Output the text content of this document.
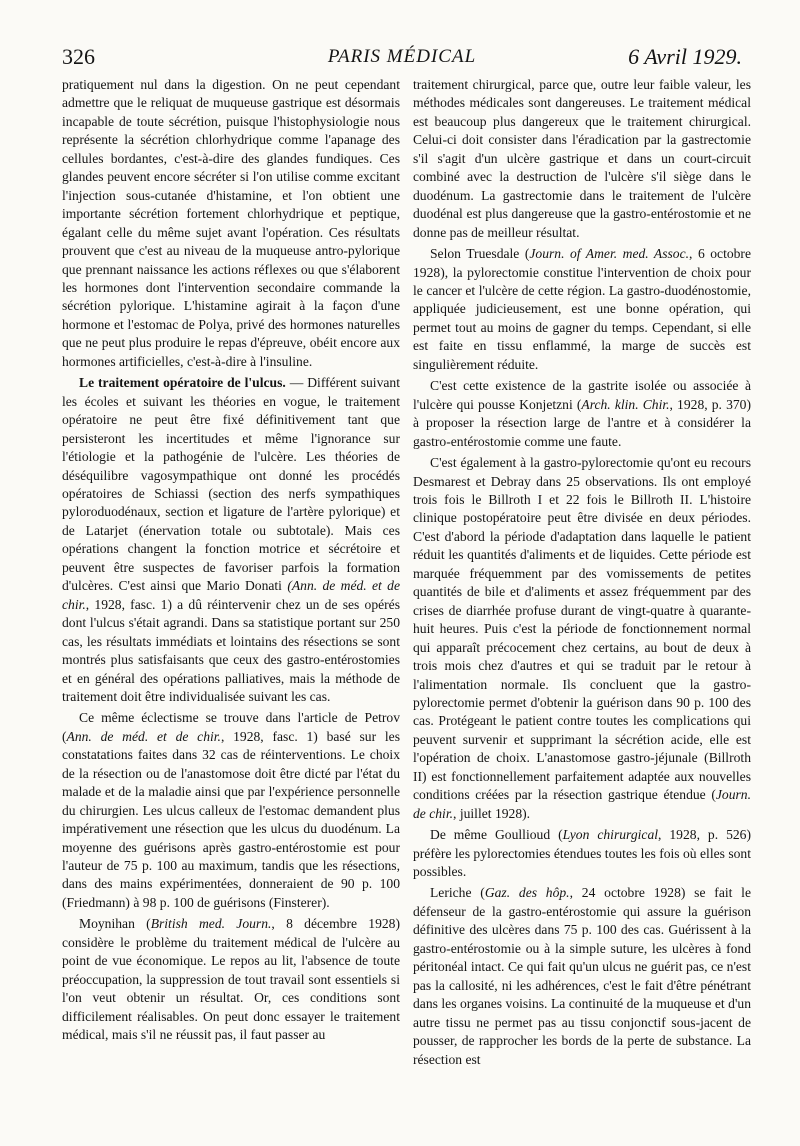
326	PARIS MÉDICAL	6 Avril 1929.

pratiquement nul dans la digestion. On ne peut cependant admettre que le reliquat de muqueuse gastrique est désormais incapable de toute sécrétion, puisque l'histophysiologie nous représente la sécrétion chlorhydrique comme l'apanage des cellules bordantes, c'est-à-dire des glandes fundiques. Ces glandes peuvent encore sécréter si l'on utilise comme excitant l'injection sous-cutanée d'histamine, et l'on obtient une importante sécrétion fortement chlorhydrique et peptique, égalant celle du même sujet avant l'opération. Ces résultats prouvent que c'est au niveau de la muqueuse antro-pylorique que prennant naissance les actions réflexes ou que s'élaborent les hormones dont l'intervention secondaire commande la sécrétion pylorique. L'histamine agirait à la façon d'une hormone et l'estomac de Polya, privé des hormones naturelles que ne peut plus produire le repas d'épreuve, obéit encore aux hormones artificielles, c'est-à-dire à l'insuline.

Le traitement opératoire de l'ulcus. — Différent suivant les écoles et suivant les théories en vogue, le traitement opératoire ne peut être fixé définitivement tant que persisteront les incertitudes et même l'ignorance sur l'étiologie et la pathogénie de l'ulcère. Les théories de déséquilibre vagosympathique ont donné les procédés opératoires de Schiassi (section des nerfs sympathiques pyloroduodénaux, section et ligature de l'artère pylorique) et de Latarjet (énervation totale ou subtotale). Mais ces opérations changent la fonction motrice et sécrétoire et peuvent être suspectes de favoriser parfois la formation d'ulcères. C'est ainsi que Mario Donati (Ann. de méd. et de chir., 1928, fasc. 1) a dû réintervenir chez un de ses opérés dont l'ulcus s'était agrandi. Dans sa statistique portant sur 250 cas, les résultats immédiats et lointains des résections se sont montrés plus satisfaisants que ceux des gastro-entérostomies et en général des opérations palliatives, mais la méthode de traitement doit être individualisée suivant les cas.

Ce même éclectisme se trouve dans l'article de Petrov (Ann. de méd. et de chir., 1928, fasc. 1) basé sur les constatations faites dans 32 cas de réinterventions. Le choix de la résection ou de l'anastomose doit être dicté par l'état du malade et de la maladie ainsi que par l'expérience personnelle du chirurgien. Les ulcus calleux de l'estomac demandent plus impérativement une résection que les ulcus du duodénum. La moyenne des guérisons après gastro-entérostomie est pour l'auteur de 75 p. 100 au maximum, tandis que les résections, dans des mains expérimentées, donneraient de 90 p. 100 (Friedmann) à 98 p. 100 de guérisons (Finsterer).

Moynihan (British med. Journ., 8 décembre 1928) considère le problème du traitement médical de l'ulcère au point de vue économique. Le repos au lit, l'absence de toute préoccupation, la suppression de tout travail sont essentiels si l'on veut obtenir un résultat. Or, ces conditions sont difficilement réalisables. On peut donc essayer le traitement médical, mais s'il ne réussit pas, il faut passer au

traitement chirurgical, parce que, outre leur faible valeur, les méthodes médicales sont dangereuses. Le traitement médical est beaucoup plus dangereux que le traitement chirurgical. Celui-ci doit consister dans l'éradication par la gastrectomie s'il s'agit d'un ulcère gastrique et dans un court-circuit combiné avec la destruction de l'ulcère s'il siège dans le duodénum. La gastrectomie dans le traitement de l'ulcère duodénal est plus dangereuse que la gastro-entérostomie et ne donne pas de meilleur résultat.

Selon Truesdale (Journ. of Amer. med. Assoc., 6 octobre 1928), la pylorectomie constitue l'intervention de choix pour le cancer et l'ulcère de cette région. La gastro-duodénostomie, appliquée judicieusement, est une bonne opération, qui permet tout au moins de gagner du temps. Cependant, si elle est faite en tissu enflammé, la marge de succès est singulièrement réduite.

C'est cette existence de la gastrite isolée ou associée à l'ulcère qui pousse Konjetzni (Arch. klin. Chir., 1928, p. 370) à proposer la résection large de l'antre et à considérer la gastro-entérostomie comme une faute.

C'est également à la gastro-pylorectomie qu'ont eu recours Desmarest et Debray dans 25 observations. Ils ont employé trois fois le Billroth I et 22 fois le Billroth II. L'histoire clinique postopératoire peut être divisée en deux périodes. C'est d'abord la période d'adaptation dans laquelle le patient réduit les quantités d'aliments et de liquides. Cette période est marquée fréquemment par des vomissements de petites quantités de bile et d'aliments et assez fréquemment par des crises de diarrhée profuse durant de vingt-quatre à quarante-huit heures. Puis c'est la période de fonctionnement normal qui apparaît précocement chez certains, au bout de deux à trois mois chez d'autres et qui se traduit par le retour à l'alimentation normale. Ils concluent que la gastro-pylorectomie permet d'obtenir la guérison dans 90 p. 100 des cas. Protégeant le patient contre toutes les complications qui peuvent survenir et supprimant la sécrétion acide, elle est l'opération de choix. L'anastomose gastro-jéjunale (Billroth II) est fonctionnellement parfaitement adaptée aux nouvelles conditions créées par la résection gastrique étendue (Journ. de chir., juillet 1928).

De même Goullioud (Lyon chirurgical, 1928, p. 526) préfère les pylorectomies étendues toutes les fois où elles sont possibles.

Leriche (Gaz. des hôp., 24 octobre 1928) se fait le défenseur de la gastro-entérostomie qui assure la guérison définitive des ulcères dans 75 p. 100 des cas. Guérissent à la gastro-entérostomie ou à la simple suture, les ulcères à fond péritonéal intact. Ce qui fait qu'un ulcus ne guérit pas, ce n'est pas la callosité, ni les adhérences, c'est le fait d'être pénétrant dans les organes voisins. La continuité de la muqueuse et d'un autre tissu ne permet pas au tissu conjonctif sous-jacent de pousser, de rapprocher les bords de la perte de substance. La résection est
